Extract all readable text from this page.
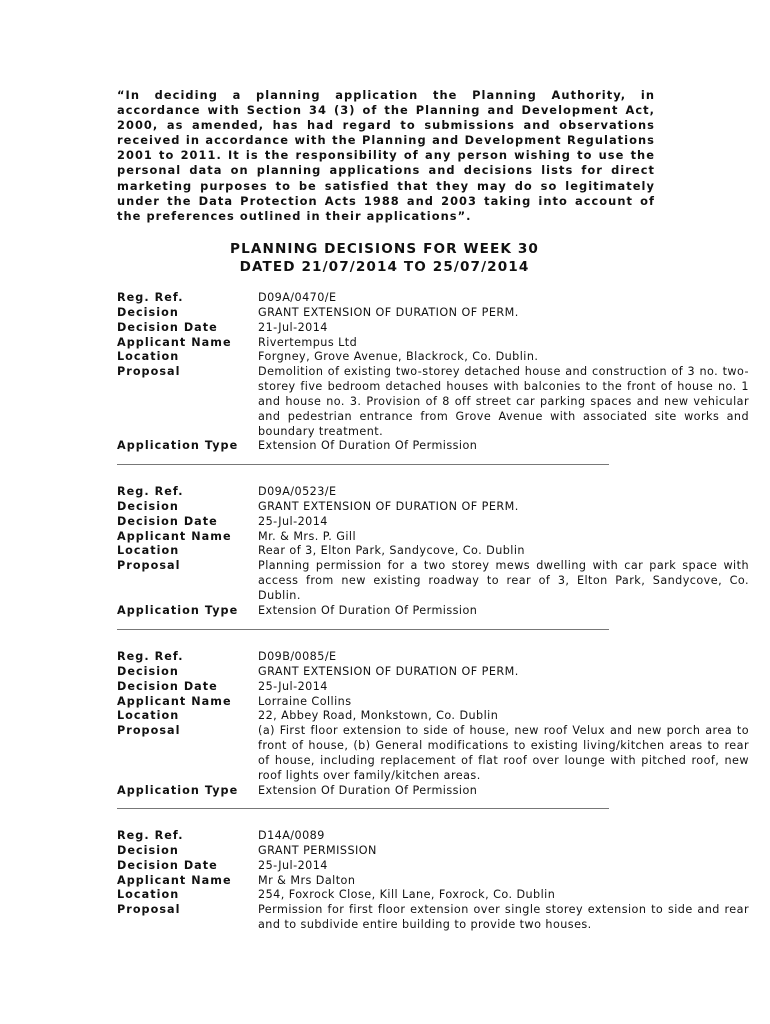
“In deciding a planning application the Planning Authority, in accordance with Section 34 (3) of the Planning and Development Act, 2000, as amended, has had regard to submissions and observations received in accordance with the Planning and Development Regulations 2001 to 2011. It is the responsibility of any person wishing to use the personal data on planning applications and decisions lists for direct marketing purposes to be satisfied that they may do so legitimately under the Data Protection Acts 1988 and 2003 taking into account of the preferences outlined in their applications”.
PLANNING DECISIONS FOR WEEK 30
DATED 21/07/2014 TO 25/07/2014
Reg. Ref.	D09A/0470/E
Decision	GRANT EXTENSION OF DURATION OF PERM.
Decision Date	21-Jul-2014
Applicant Name	Rivertempus Ltd
Location	Forgney, Grove Avenue, Blackrock, Co. Dublin.
Proposal	Demolition of existing two-storey detached house and construction of 3 no. two-storey five bedroom detached houses with balconies to the front of house no. 1 and house no. 3. Provision of 8 off street car parking spaces and new vehicular and pedestrian entrance from Grove Avenue with associated site works and boundary treatment.
Application Type	Extension Of Duration Of Permission
Reg. Ref.	D09A/0523/E
Decision	GRANT EXTENSION OF DURATION OF PERM.
Decision Date	25-Jul-2014
Applicant Name	Mr. & Mrs. P. Gill
Location	Rear of 3, Elton Park, Sandycove, Co. Dublin
Proposal	Planning permission for a two storey mews dwelling with car park space with access from new existing roadway to rear of 3, Elton Park, Sandycove, Co. Dublin.
Application Type	Extension Of Duration Of Permission
Reg. Ref.	D09B/0085/E
Decision	GRANT EXTENSION OF DURATION OF PERM.
Decision Date	25-Jul-2014
Applicant Name	Lorraine Collins
Location	22, Abbey Road, Monkstown, Co. Dublin
Proposal	(a) First floor extension to side of house, new roof Velux and new porch area to front of house, (b) General modifications to existing living/kitchen areas to rear of house, including replacement of flat roof over lounge with pitched roof, new roof lights over family/kitchen areas.
Application Type	Extension Of Duration Of Permission
Reg. Ref.	D14A/0089
Decision	GRANT PERMISSION
Decision Date	25-Jul-2014
Applicant Name	Mr & Mrs Dalton
Location	254, Foxrock Close, Kill Lane, Foxrock, Co. Dublin
Proposal	Permission for first floor extension over single storey extension to side and rear and to subdivide entire building to provide two houses.
